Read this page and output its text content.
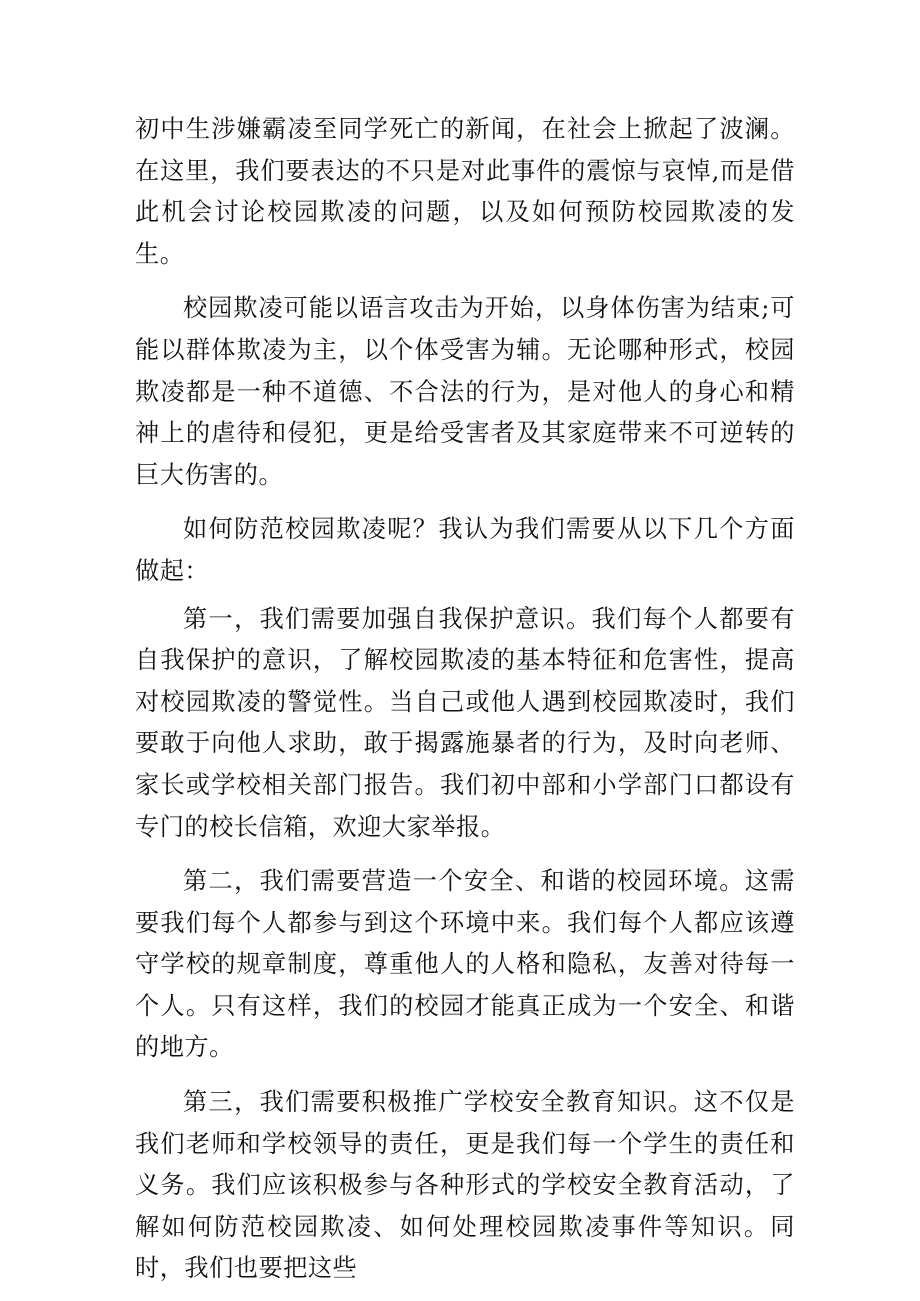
初中生涉嫌霸凌至同学死亡的新闻，在社会上掀起了波澜。在这里，我们要表达的不只是对此事件的震惊与哀悼,而是借此机会讨论校园欺凌的问题，以及如何预防校园欺凌的发生。

校园欺凌可能以语言攻击为开始，以身体伤害为结束;可能以群体欺凌为主，以个体受害为辅。无论哪种形式，校园欺凌都是一种不道德、不合法的行为，是对他人的身心和精神上的虐待和侵犯，更是给受害者及其家庭带来不可逆转的巨大伤害的。

如何防范校园欺凌呢？我认为我们需要从以下几个方面做起：

第一，我们需要加强自我保护意识。我们每个人都要有自我保护的意识，了解校园欺凌的基本特征和危害性，提高对校园欺凌的警觉性。当自己或他人遇到校园欺凌时，我们要敢于向他人求助，敢于揭露施暴者的行为，及时向老师、家长或学校相关部门报告。我们初中部和小学部门口都设有专门的校长信箱，欢迎大家举报。

第二，我们需要营造一个安全、和谐的校园环境。这需要我们每个人都参与到这个环境中来。我们每个人都应该遵守学校的规章制度，尊重他人的人格和隐私，友善对待每一个人。只有这样，我们的校园才能真正成为一个安全、和谐的地方。

第三，我们需要积极推广学校安全教育知识。这不仅是我们老师和学校领导的责任，更是我们每一个学生的责任和义务。我们应该积极参与各种形式的学校安全教育活动，了解如何防范校园欺凌、如何处理校园欺凌事件等知识。同时，我们也要把这些
